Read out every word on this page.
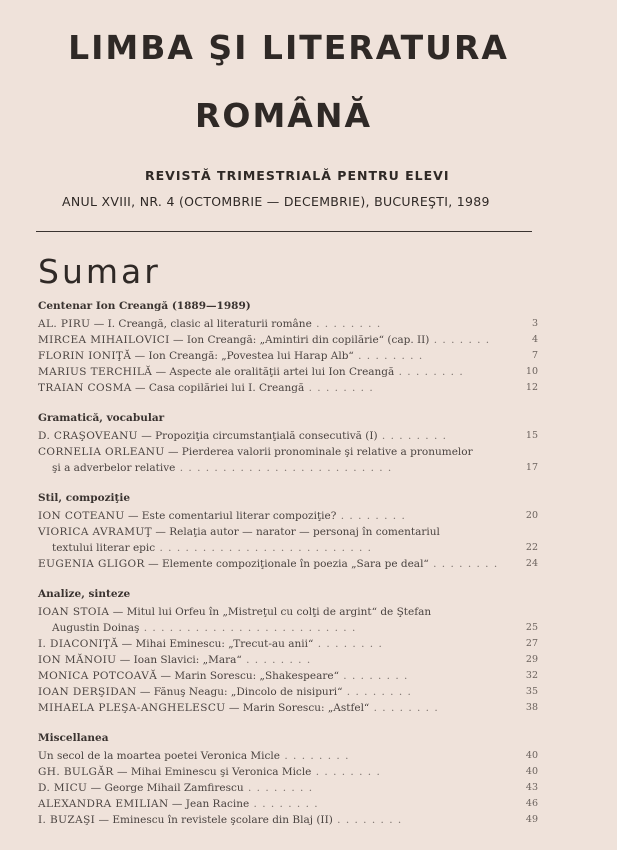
LIMBA ŞI LITERATURA
ROMÂNĂ
REVISTĂ TRIMESTRIALĂ PENTRU ELEVI
ANUL XVIII, NR. 4 (OCTOMBRIE — DECEMBRIE), BUCUREŞTI, 1989
Sumar
Centenar Ion Creangă (1889—1989)
AL. PIRU — I. Creangă, clasic al literaturii române . . . . . . . .	3
MIRCEA MIHAILOVICI — Ion Creangă: „Amintiri din copilărie“ (cap. II) . . . . . . .	4
FLORIN IONIŢĂ — Ion Creangă: „Povestea lui Harap Alb“ . . . . . . . .	7
MARIUS TERCHILĂ — Aspecte ale oralităţii artei lui Ion Creangă . . . . . . . .	10
TRAIAN COSMA — Casa copilăriei lui I. Creangă . . . . . . . .	12
Gramatică, vocabular
D. CRAŞOVEANU — Propoziţia circumstanţială consecutivă (I) . . . . . . . .	15
CORNELIA ORLEANU — Pierderea valorii pronominale şi relative a pronumelor
şi a adverbelor relative . . . . . . . . . . . . . . . . . . . . . . . . .	17
Stil, compoziţie
ION COTEANU — Este comentariul literar compoziţie? . . . . . . . .	20
VIORICA AVRAMUŢ — Relaţia autor — narator — personaj în comentariul
textului literar epic . . . . . . . . . . . . . . . . . . . . . . . . .	22
EUGENIA GLIGOR — Elemente compoziţionale în poezia „Sara pe deal“ . . . . . . . .	24
Analize, sinteze
IOAN STOIA — Mitul lui Orfeu în „Mistreţul cu colţi de argint“ de Ştefan
Augustin Doinaş . . . . . . . . . . . . . . . . . . . . . . . . .	25
I. DIACONIŢĂ — Mihai Eminescu: „Trecut-au anii“ . . . . . . . .	27
ION MĂNOIU — Ioan Slavici: „Mara“ . . . . . . . .	29
MONICA POTCOAVĂ — Marin Sorescu: „Shakespeare“ . . . . . . . .	32
IOAN DERŞIDAN — Fănuş Neagu: „Dincolo de nisipuri“ . . . . . . . .	35
MIHAELA PLEŞA-ANGHELESCU — Marin Sorescu: „Astfel“ . . . . . . . .	38
Miscellanea
Un secol de la moartea poetei Veronica Micle . . . . . . . .	40
GH. BULGĂR — Mihai Eminescu şi Veronica Micle . . . . . . . .	40
D. MICU — George Mihail Zamfirescu . . . . . . . .	43
ALEXANDRA EMILIAN — Jean Racine . . . . . . . .	46
I. BUZAŞI — Eminescu în revistele şcolare din Blaj (II) . . . . . . . .	49
